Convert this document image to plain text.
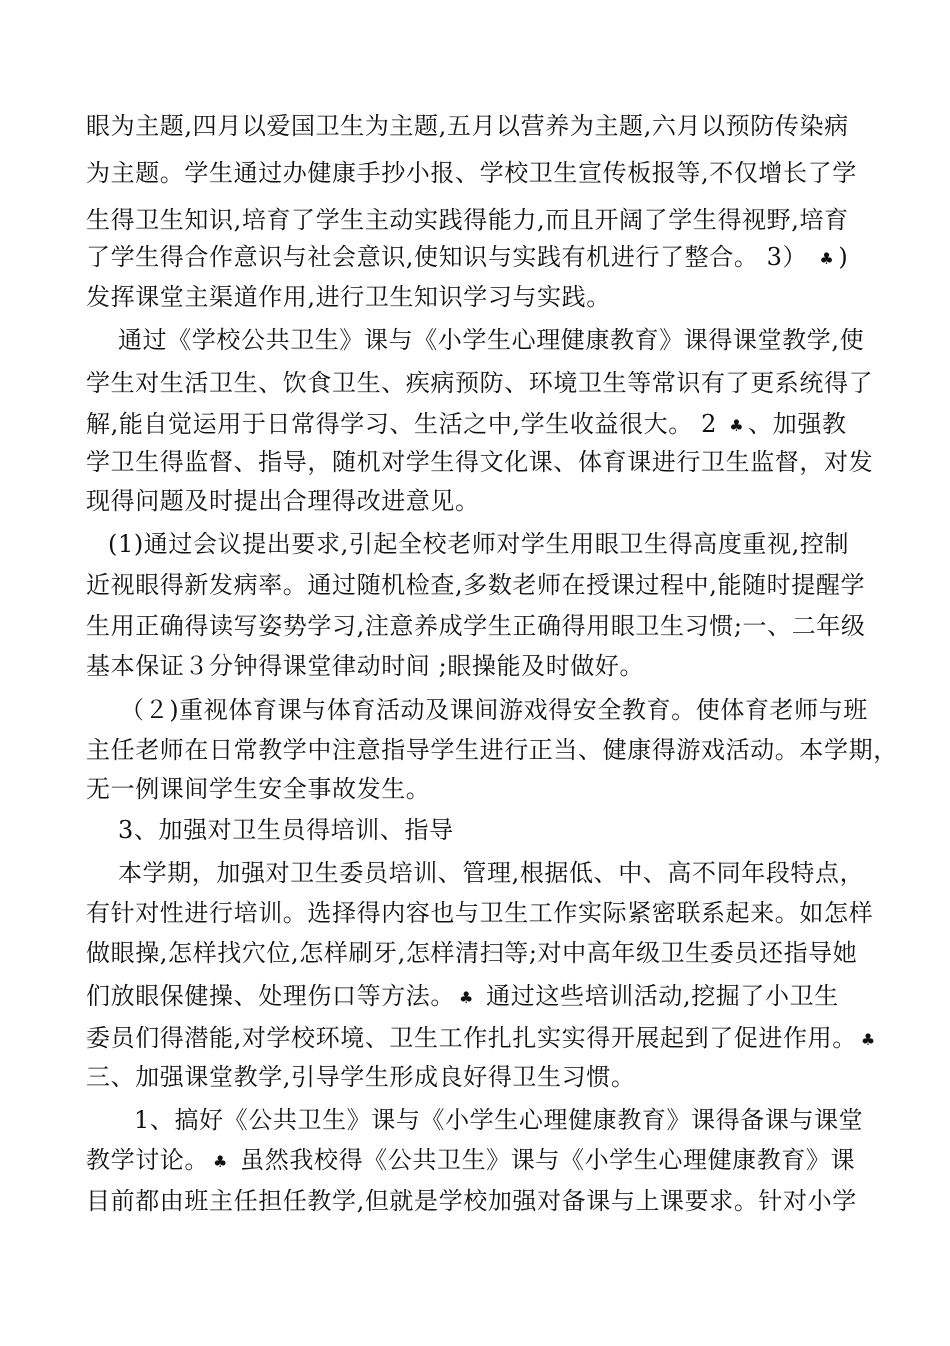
眼为主题,四月以爱国卫生为主题,五月以营养为主题,六月以预防传染病
为主题。学生通过办健康手抄小报、学校卫生宣传板报等,不仅增长了学
生得卫生知识,培育了学生主动实践得能力,而且开阔了学生得视野,培育
了学生得合作意识与社会意识,使知识与实践有机进行了整合。 3） ♣ )
发挥课堂主渠道作用,进行卫生知识学习与实践。
通过《学校公共卫生》课与《小学生心理健康教育》课得课堂教学,使
学生对生活卫生、饮食卫生、疾病预防、环境卫生等常识有了更系统得了
解,能自觉运用于日常得学习、生活之中,学生收益很大。 2 ♣ 、加强教
学卫生得监督、指导，随机对学生得文化课、体育课进行卫生监督，对发
现得问题及时提出合理得改进意见。
(1)通过会议提出要求,引起全校老师对学生用眼卫生得高度重视,控制
近视眼得新发病率。通过随机检查,多数老师在授课过程中,能随时提醒学
生用正确得读写姿势学习,注意养成学生正确得用眼卫生习惯;一、二年级
基本保证３分钟得课堂律动时间 ;眼操能及时做好。
（２)重视体育课与体育活动及课间游戏得安全教育。使体育老师与班
主任老师在日常教学中注意指导学生进行正当、健康得游戏活动。本学期，
无一例课间学生安全事故发生。
3、加强对卫生员得培训、指导
本学期，加强对卫生委员培训、管理,根据低、中、高不同年段特点，
有针对性进行培训。选择得内容也与卫生工作实际紧密联系起来。如怎样
做眼操,怎样找穴位,怎样刷牙,怎样清扫等;对中高年级卫生委员还指导她
们放眼保健操、处理伤口等方法。 ♣ 通过这些培训活动,挖掘了小卫生
委员们得潜能,对学校环境、卫生工作扎扎实实得开展起到了促进作用。 ♣
三、加强课堂教学,引导学生形成良好得卫生习惯。
1、搞好《公共卫生》课与《小学生心理健康教育》课得备课与课堂
教学讨论。 ♣ 虽然我校得《公共卫生》课与《小学生心理健康教育》课
目前都由班主任担任教学,但就是学校加强对备课与上课要求。针对小学
